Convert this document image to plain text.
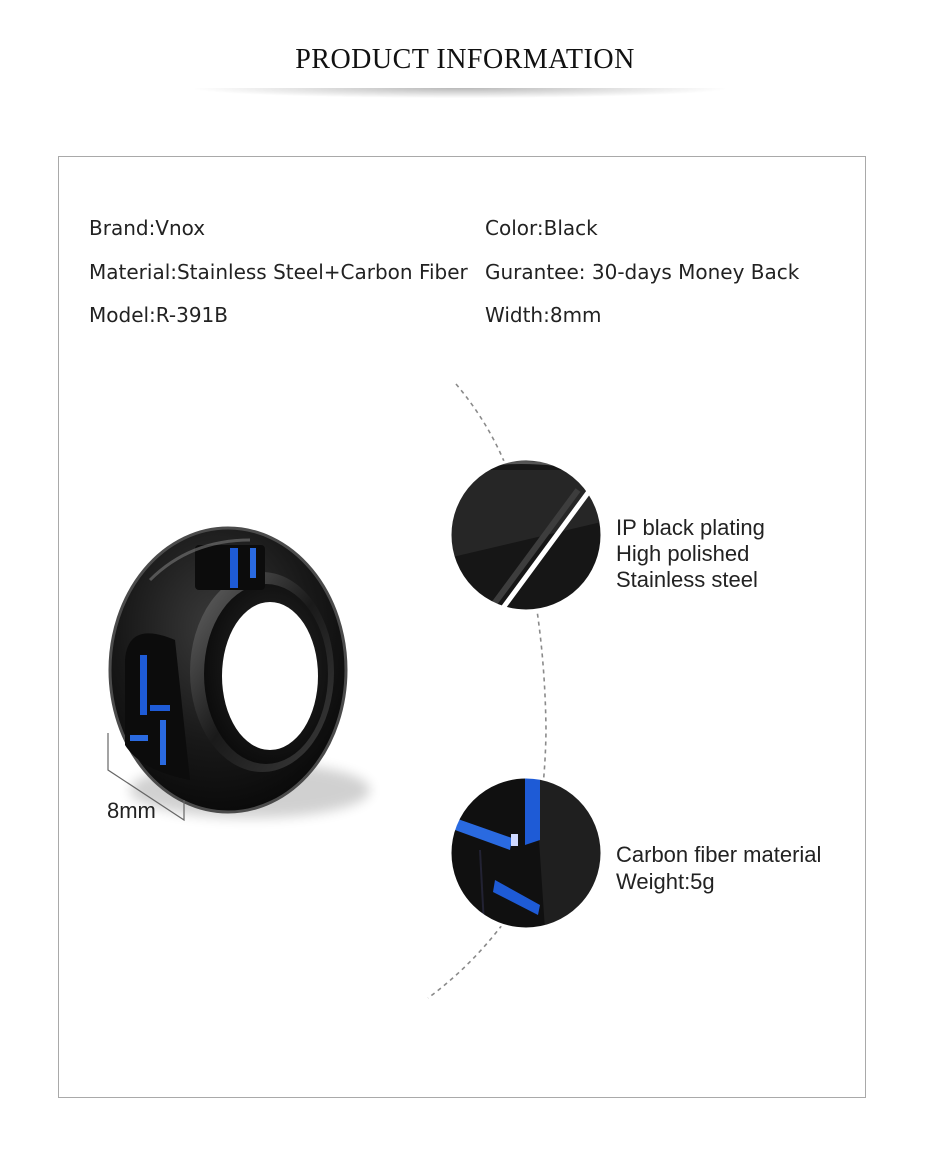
PRODUCT INFORMATION
Brand:Vnox
Material:Stainless Steel+Carbon Fiber
Model:R-391B
Color:Black
Gurantee: 30-days Money Back
Width:8mm
8mm
IP black plating
High polished
Stainless steel
Carbon fiber material
Weight:5g
